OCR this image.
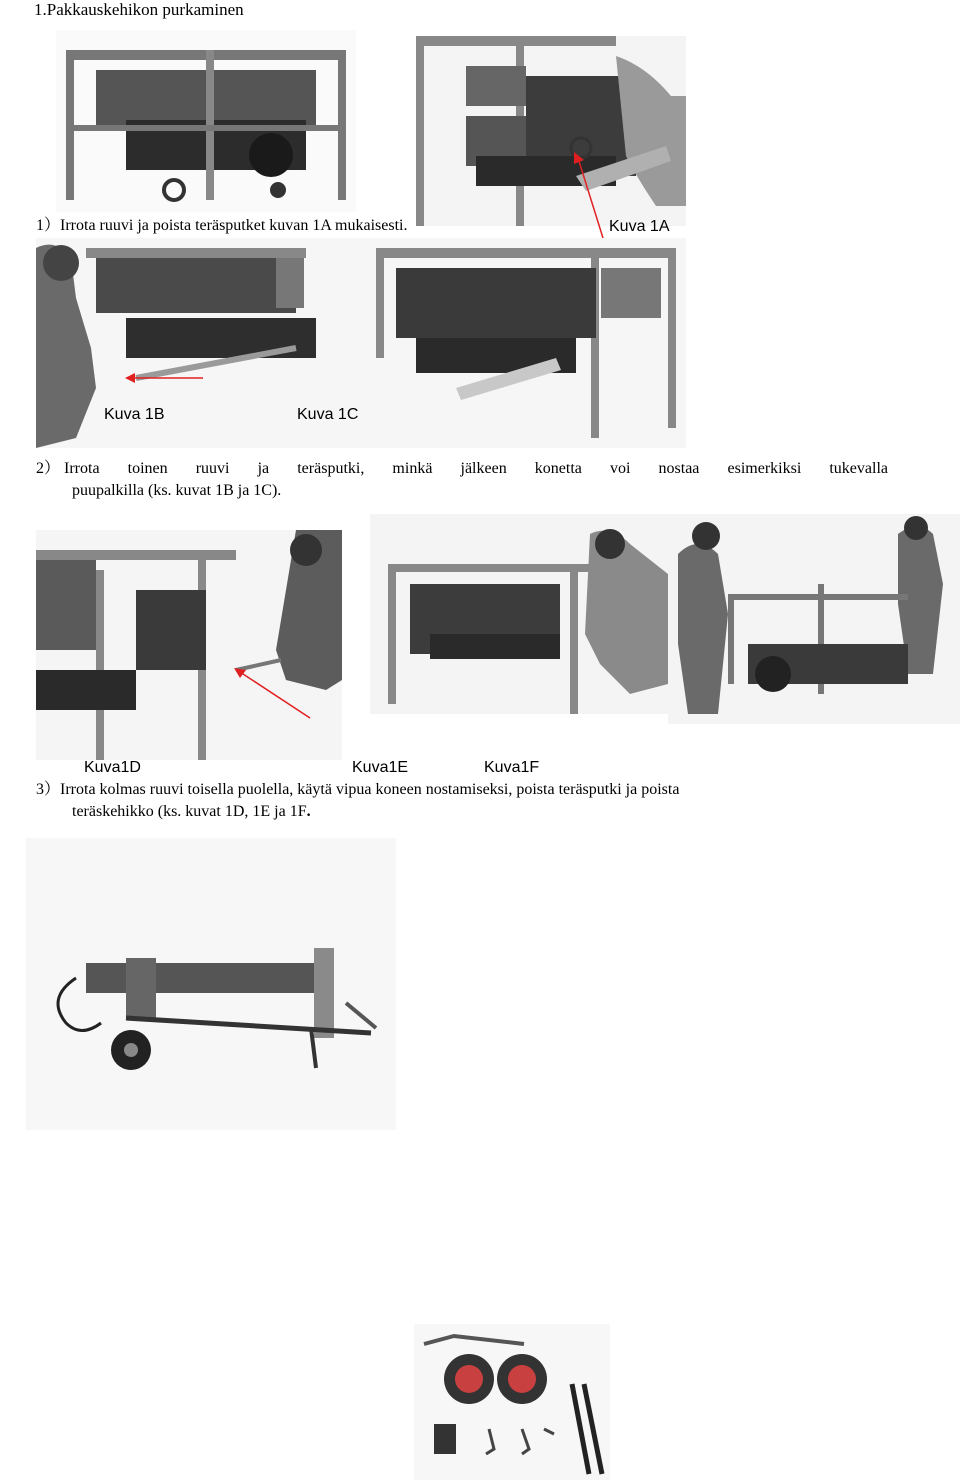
1.Pakkauskehikon purkaminen
1）Irrota ruuvi ja poista teräsputket kuvan 1A mukaisesti.	Kuva 1A
Kuva 1B	Kuva 1C
2） Irrota toinen ruuvi ja teräsputki, minkä jälkeen konetta voi nostaa esimerkiksi tukevalla
puupalkilla (ks. kuvat 1B ja 1C).
Kuva1D	Kuva1E	Kuva1F
3）Irrota kolmas ruuvi toisella puolella, käytä vipua koneen nostamiseksi, poista teräsputki ja poista
teräskehikko (ks. kuvat 1D, 1E ja 1F.
